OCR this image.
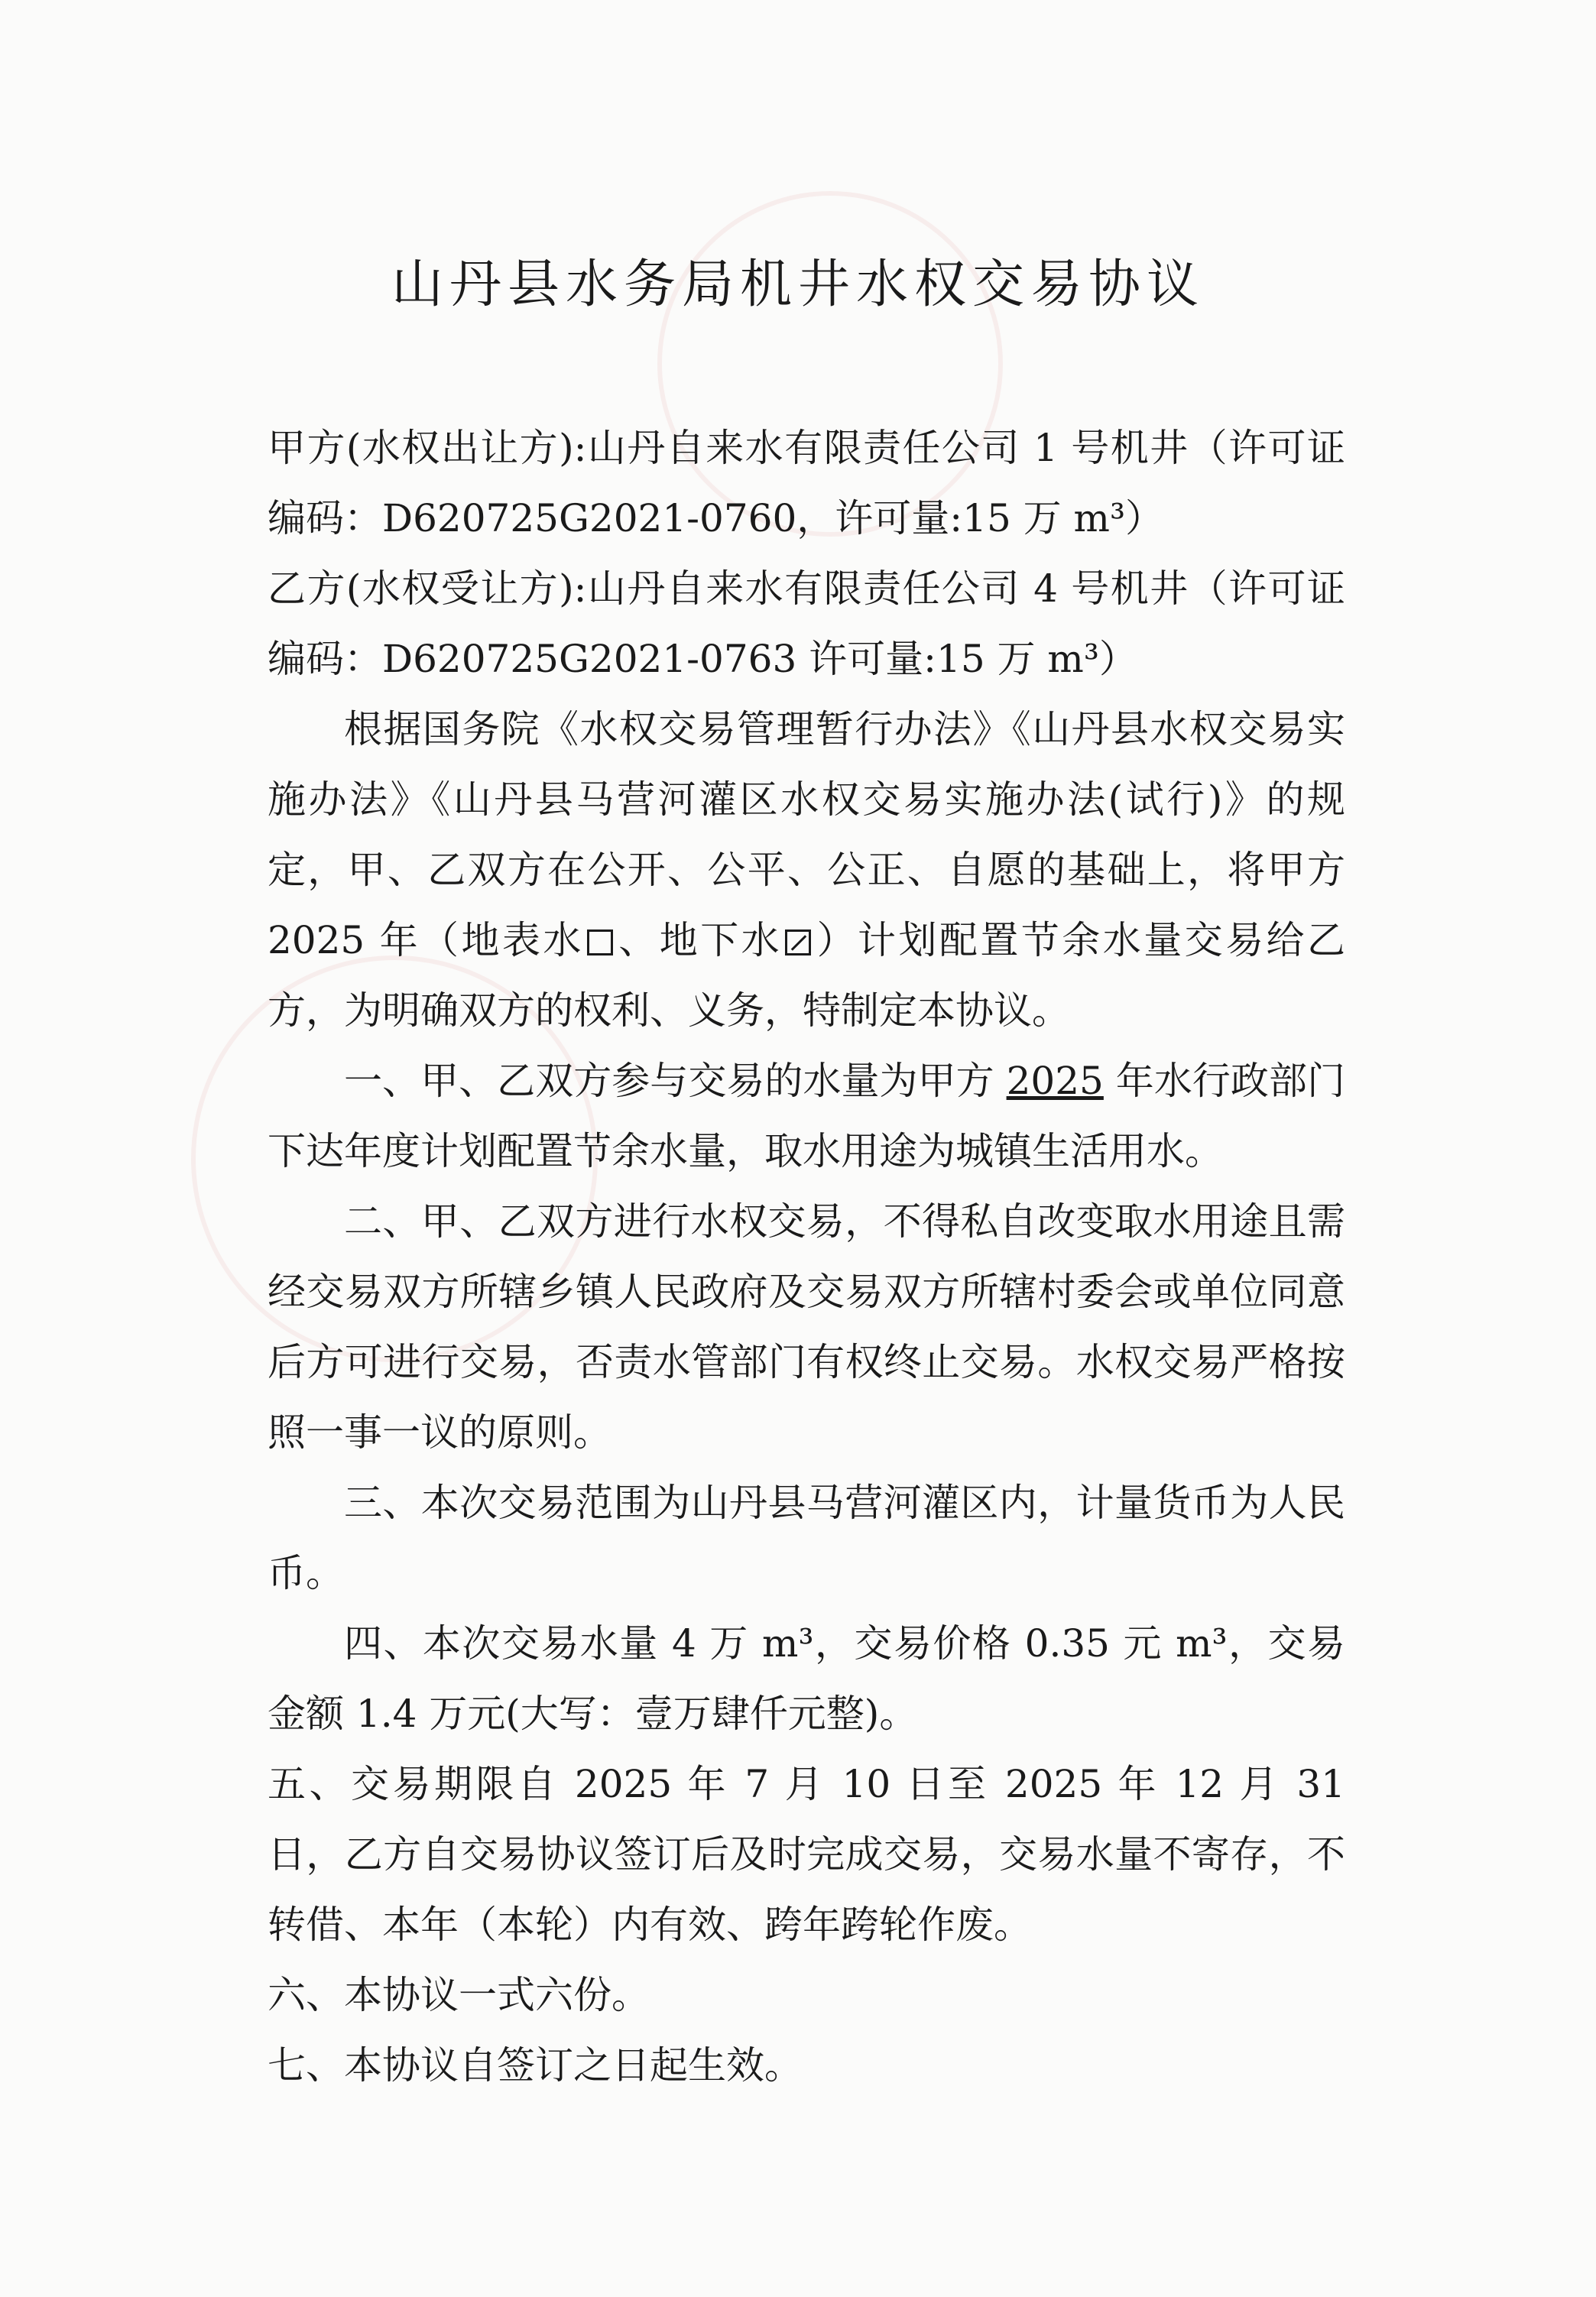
山丹县水务局机井水权交易协议

甲方(水权出让方):山丹自来水有限责任公司 1 号机井（许可证编码：D620725G2021-0760，许可量:15 万 m³）

乙方(水权受让方):山丹自来水有限责任公司 4 号机井（许可证编码：D620725G2021-0763 许可量:15 万 m³）

根据国务院《水权交易管理暂行办法》《山丹县水权交易实施办法》《山丹县马营河灌区水权交易实施办法(试行)》的规定，甲、乙双方在公开、公平、公正、自愿的基础上，将甲方 2025 年（地表水 、地下水 ）计划配置节余水量交易给乙方，为明确双方的权利、义务，特制定本协议。

一、甲、乙双方参与交易的水量为甲方 2025 年水行政部门下达年度计划配置节余水量，取水用途为城镇生活用水。

二、甲、乙双方进行水权交易，不得私自改变取水用途且需经交易双方所辖乡镇人民政府及交易双方所辖村委会或单位同意后方可进行交易，否责水管部门有权终止交易。水权交易严格按照一事一议的原则。

三、本次交易范围为山丹县马营河灌区内，计量货币为人民币。

四、本次交易水量 4 万 m³，交易价格 0.35 元 m³，交易金额 1.4 万元(大写：壹万肆仟元整)。

五、交易期限自 2025 年 7 月 10 日至 2025 年 12 月 31 日，乙方自交易协议签订后及时完成交易，交易水量不寄存，不转借、本年（本轮）内有效、跨年跨轮作废。

六、本协议一式六份。

七、本协议自签订之日起生效。
